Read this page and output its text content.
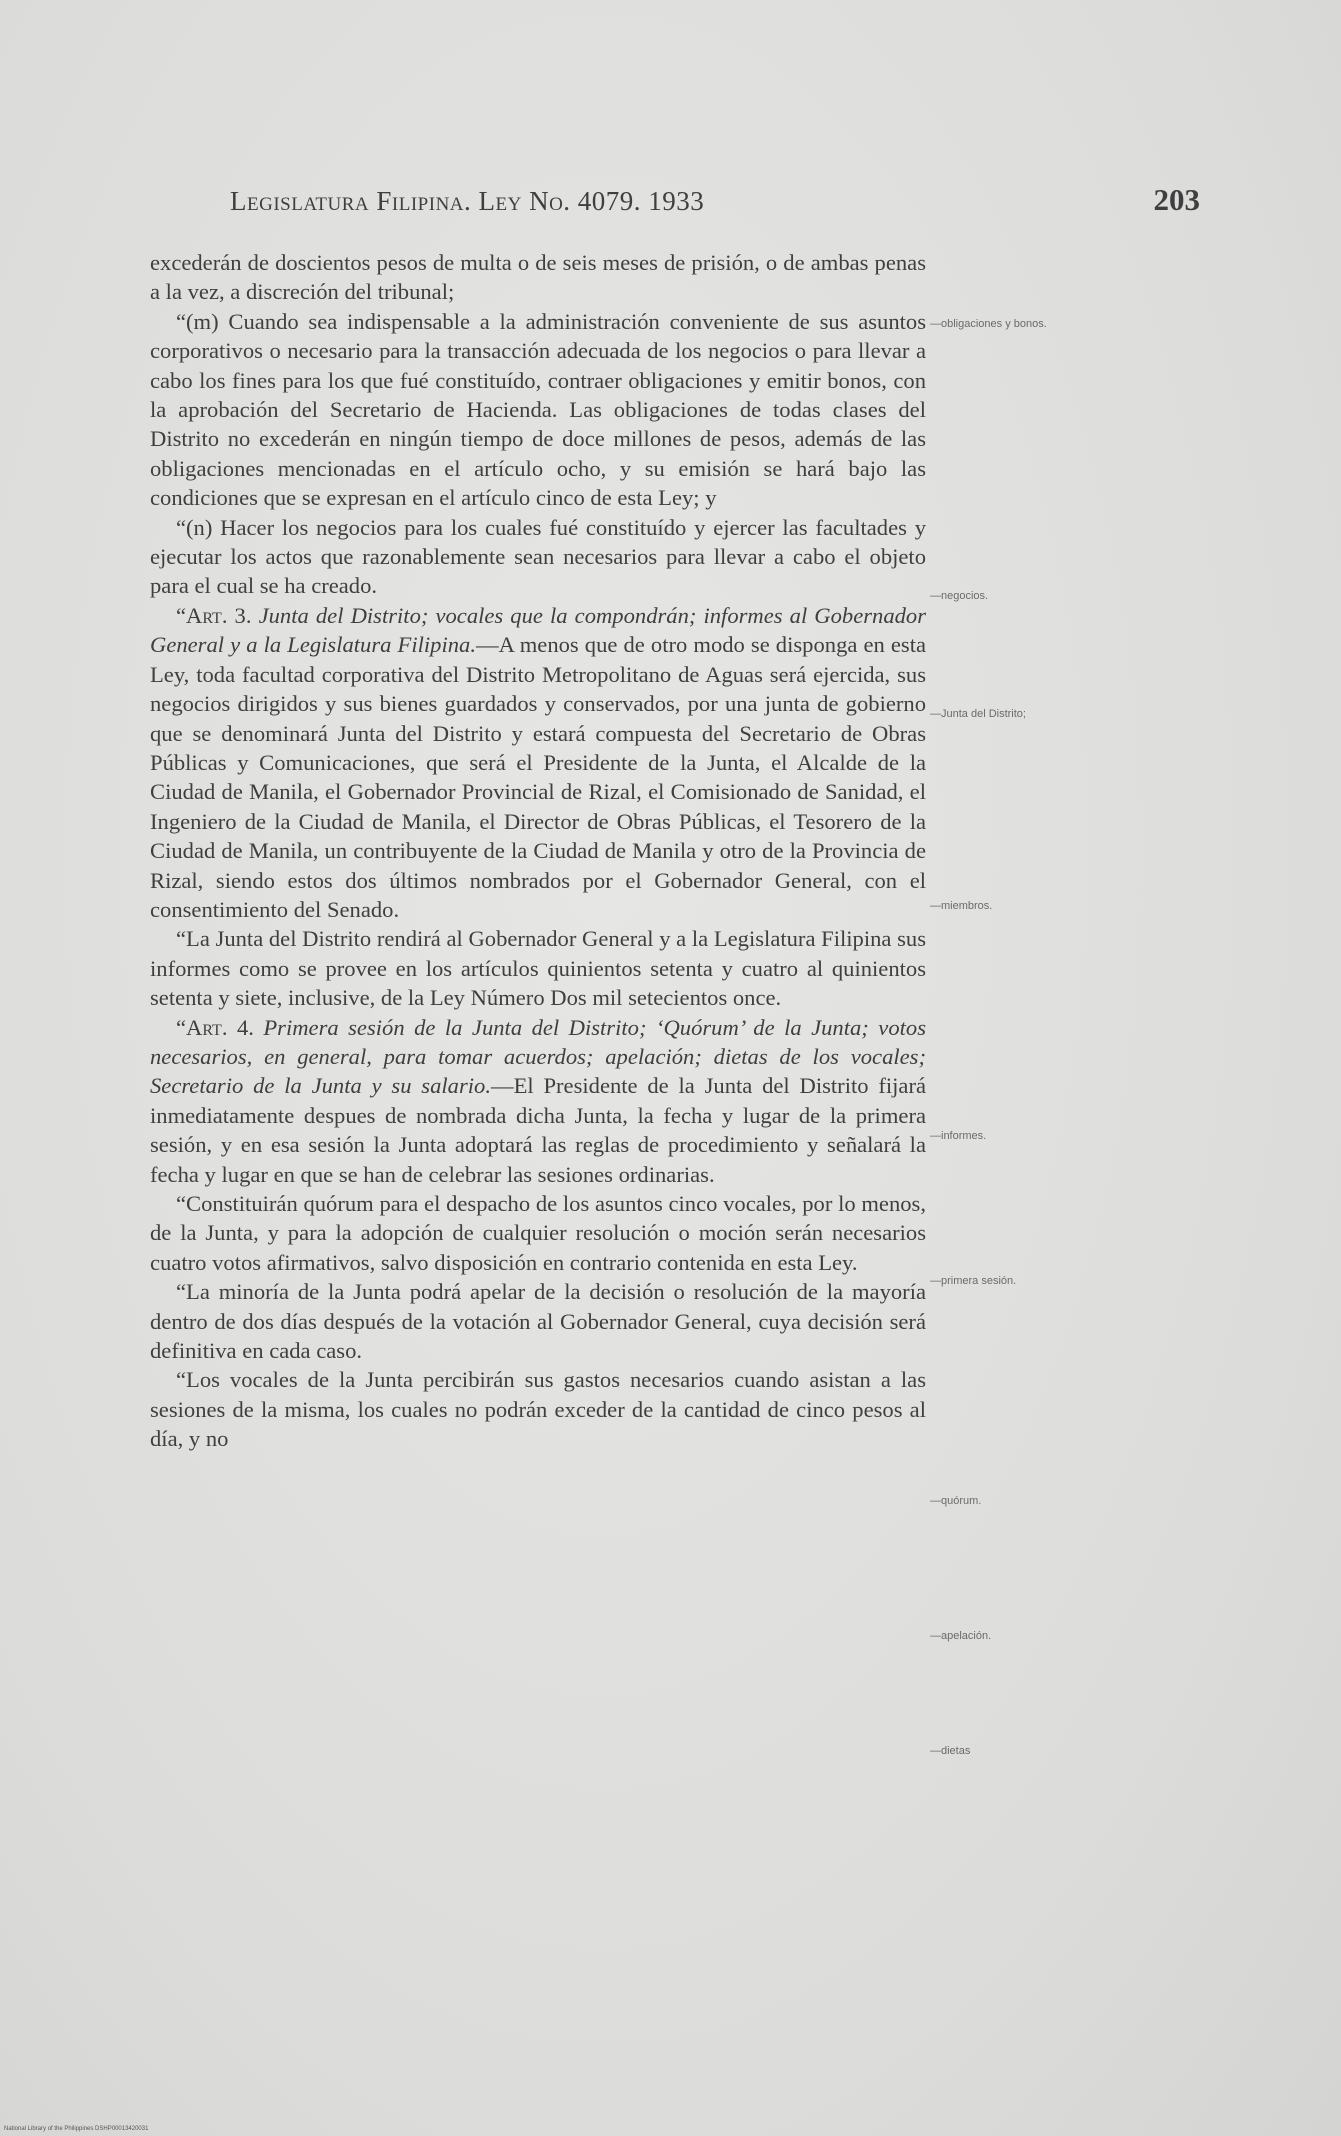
Legislatura Filipina. Ley No. 4079. 1933	203

excederán de doscientos pesos de multa o de seis meses de prisión, o de ambas penas a la vez, a discreción del tribunal;

“(m) Cuando sea indispensable a la administración conveniente de sus asuntos corporativos o necesario para la transacción adecuada de los negocios o para llevar a cabo los fines para los que fué constituído, contraer obligaciones y emitir bonos, con la aprobación del Secretario de Hacienda. Las obligaciones de todas clases del Distrito no excederán en ningún tiempo de doce millones de pesos, además de las obligaciones mencionadas en el artículo ocho, y su emisión se hará bajo las condiciones que se expresan en el artículo cinco de esta Ley; y

“(n) Hacer los negocios para los cuales fué constituído y ejercer las facultades y ejecutar los actos que razonablemente sean necesarios para llevar a cabo el objeto para el cual se ha creado.

“Art. 3. Junta del Distrito; vocales que la compondrán; informes al Gobernador General y a la Legislatura Filipina.—A menos que de otro modo se disponga en esta Ley, toda facultad corporativa del Distrito Metropolitano de Aguas será ejercida, sus negocios dirigidos y sus bienes guardados y conservados, por una junta de gobierno que se denominará Junta del Distrito y estará compuesta del Secretario de Obras Públicas y Comunicaciones, que será el Presidente de la Junta, el Alcalde de la Ciudad de Manila, el Gobernador Provincial de Rizal, el Comisionado de Sanidad, el Ingeniero de la Ciudad de Manila, el Director de Obras Públicas, el Tesorero de la Ciudad de Manila, un contribuyente de la Ciudad de Manila y otro de la Provincia de Rizal, siendo estos dos últimos nombrados por el Gobernador General, con el consentimiento del Senado.

“La Junta del Distrito rendirá al Gobernador General y a la Legislatura Filipina sus informes como se provee en los artículos quinientos setenta y cuatro al quinientos setenta y siete, inclusive, de la Ley Número Dos mil setecientos once.

“Art. 4. Primera sesión de la Junta del Distrito; ‘Quórum’ de la Junta; votos necesarios, en general, para tomar acuerdos; apelación; dietas de los vocales; Secretario de la Junta y su salario.—El Presidente de la Junta del Distrito fijará inmediatamente despues de nombrada dicha Junta, la fecha y lugar de la primera sesión, y en esa sesión la Junta adoptará las reglas de procedimiento y señalará la fecha y lugar en que se han de celebrar las sesiones ordinarias.

“Constituirán quórum para el despacho de los asuntos cinco vocales, por lo menos, de la Junta, y para la adopción de cualquier resolución o moción serán necesarios cuatro votos afirmativos, salvo disposición en contrario contenida en esta Ley.

“La minoría de la Junta podrá apelar de la decisión o resolución de la mayoría dentro de dos días después de la votación al Gobernador General, cuya decisión será definitiva en cada caso.

“Los vocales de la Junta percibirán sus gastos necesarios cuando asistan a las sesiones de la misma, los cuales no podrán exceder de la cantidad de cinco pesos al día, y no

—obligaciones y bonos.
—negocios.
—Junta del Distrito;
—miembros.
—informes.
—primera sesión.
—quórum.
—apelación.
—dietas
National Library of the Philippines DSHP00013420031
